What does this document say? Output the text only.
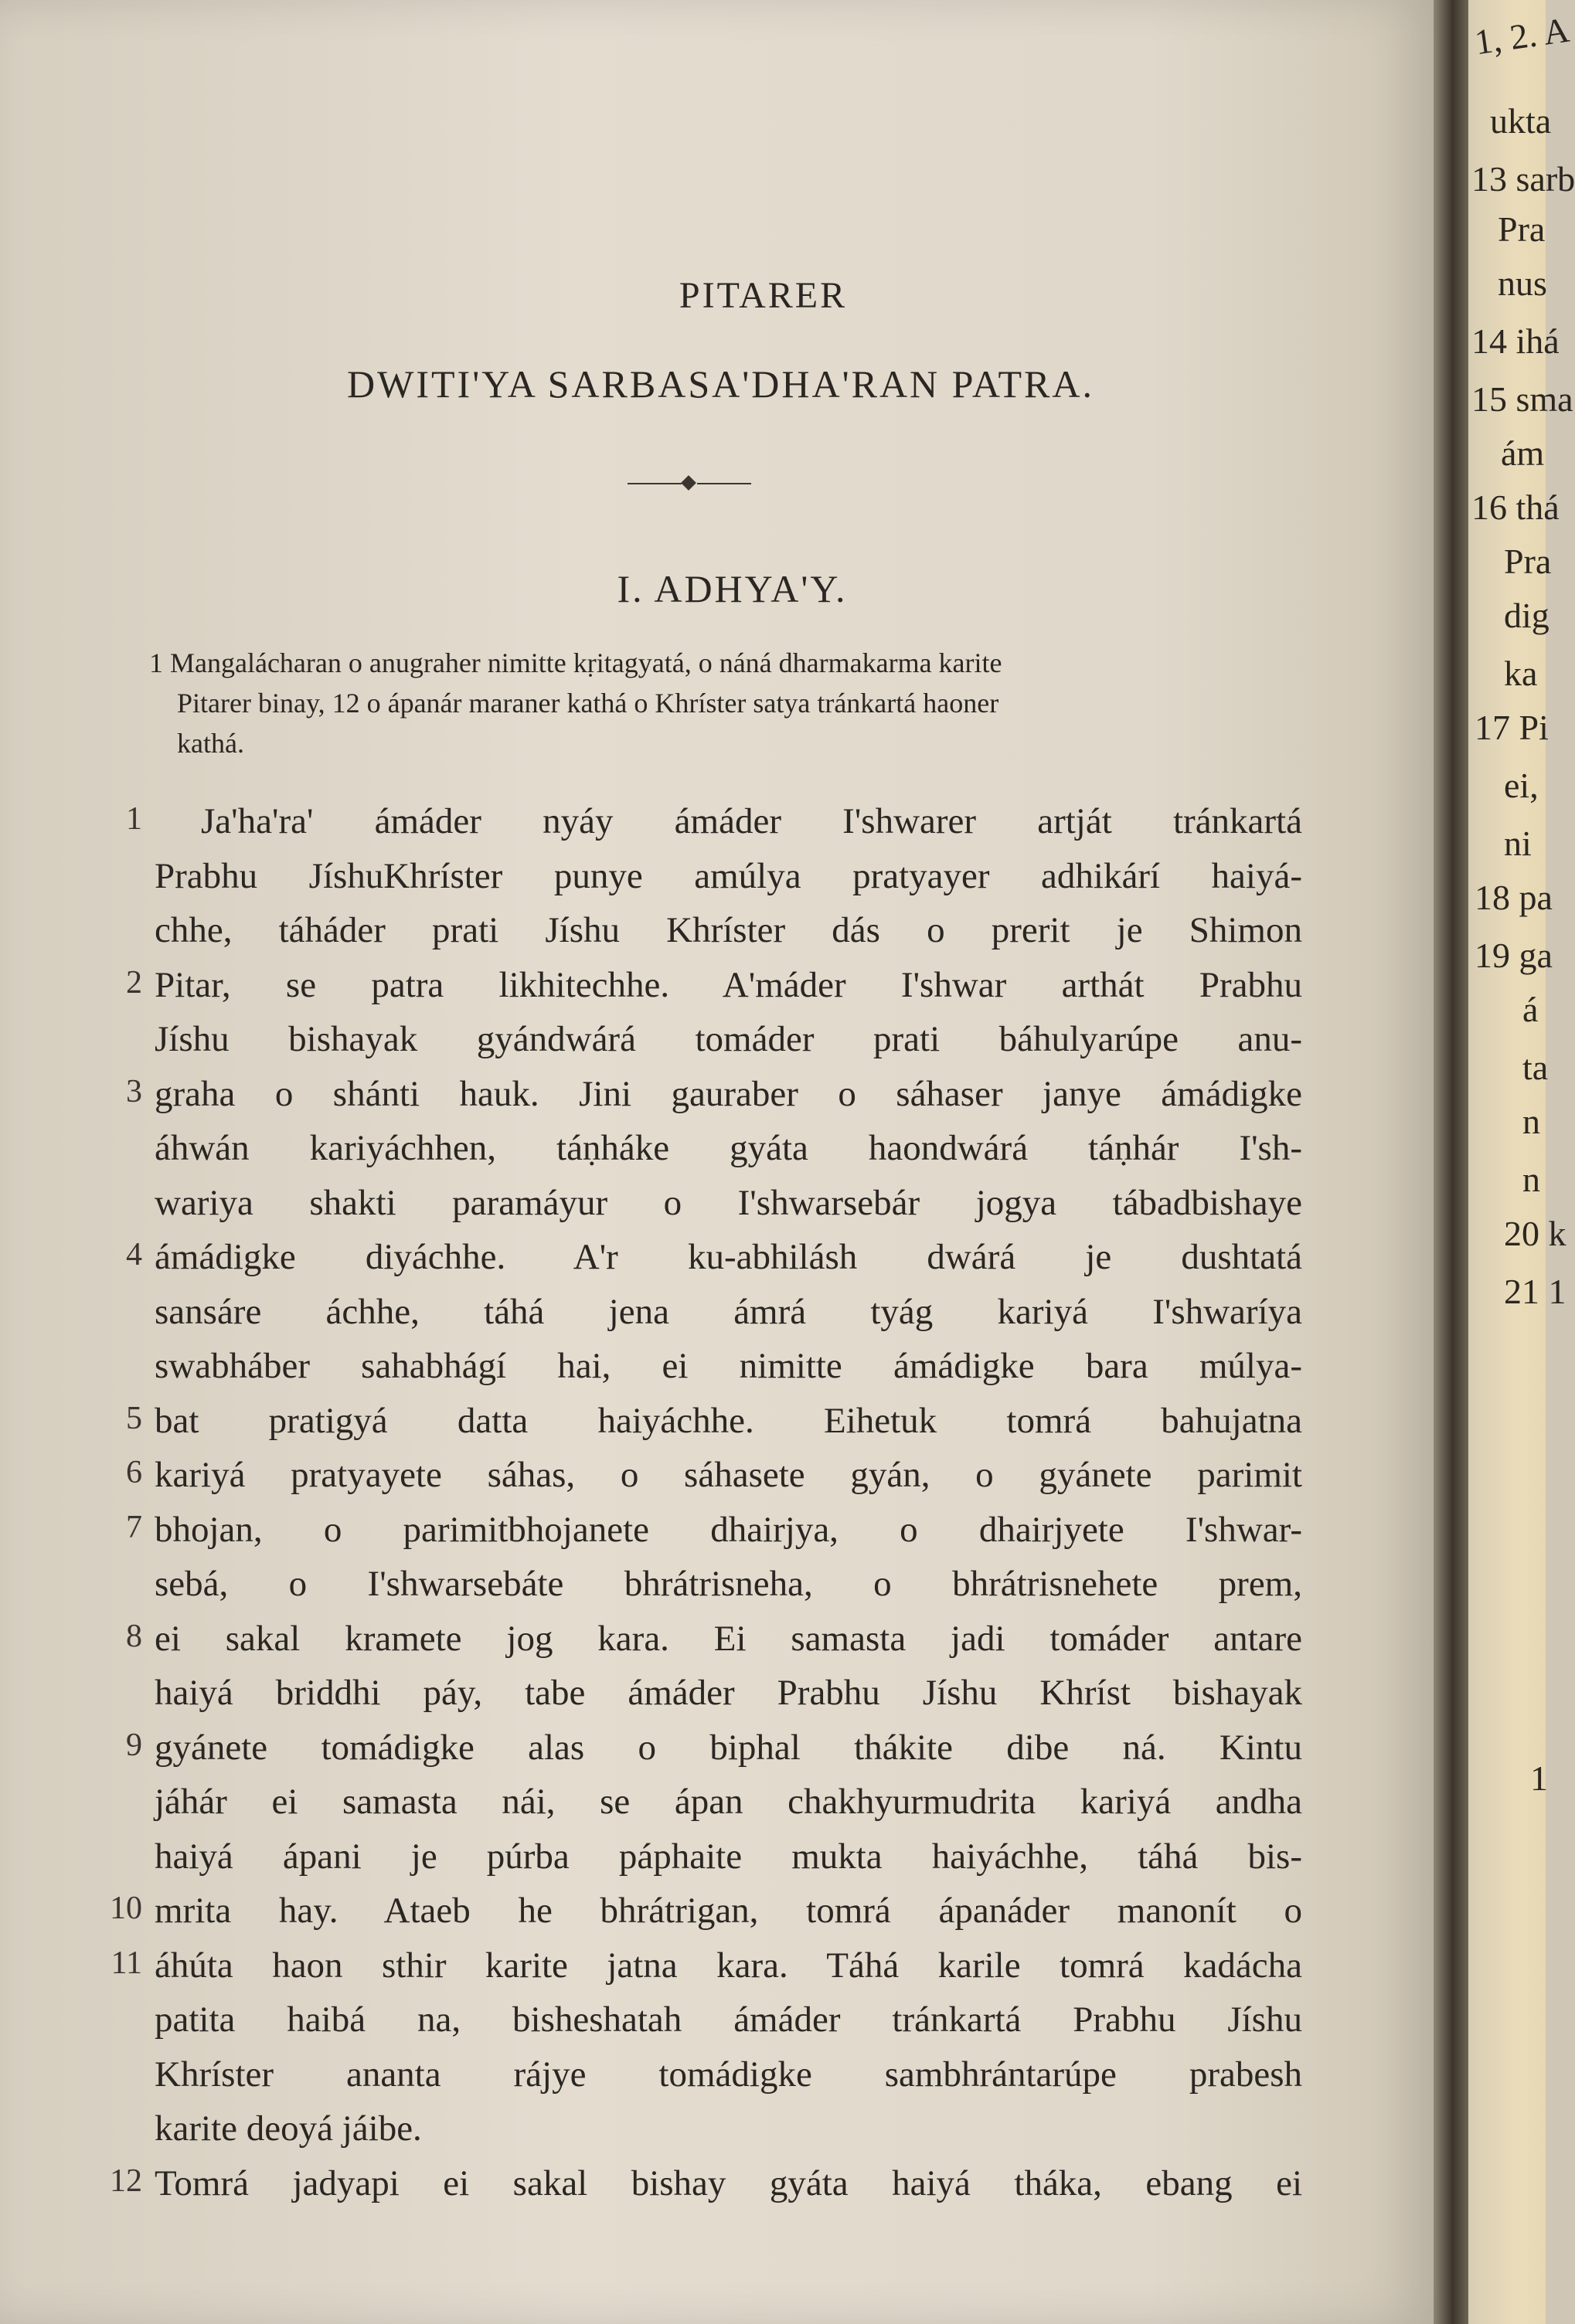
PITARER
DWITI'YA SARBASA'DHA'RAN PATRA.
I. ADHYA'Y.
1 Mangalácharan o anugraher nimitte kṛitagyatá, o náná dharmakarma karite
Pitarer binay, 12 o ápanár maraner kathá o Khríster satya tránkartá haoner
kathá.
1 Ja'ha'ra' ámáder nyáy ámáder I'shwarer artját tránkartá
Prabhu JíshuKhríster punye amúlya pratyayer adhikárí haiyá-
chhe, táháder prati Jíshu Khríster dás o prerit je Shimon
2 Pitar, se patra likhitechhe. A'máder I'shwar arthát Prabhu
Jíshu bishayak gyándwárá tomáder prati báhulyarúpe anu-
3 graha o shánti hauk. Jini gauraber o sáhaser janye ámádigke
áhwán kariyáchhen, táṇháke gyáta haondwárá táṇhár I'sh-
wariya shakti paramáyur o I'shwarsebár jogya tábadbishaye
4 ámádigke diyáchhe. A'r ku-abhilásh dwárá je dushtatá
sansáre áchhe, táhá jena ámrá tyág kariyá I'shwaríya
swabháber sahabhágí hai, ei nimitte ámádigke bara múlya-
5 bat pratigyá datta haiyáchhe. Eihetuk tomrá bahujatna
6 kariyá pratyayete sáhas, o sáhasete gyán, o gyánete parimit
7 bhojan, o parimitbhojanete dhairjya, o dhairjyete I'shwar-
sebá, o I'shwarsebáte bhrátrisneha, o bhrátrisnehete prem,
8 ei sakal kramete jog kara. Ei samasta jadi tomáder antare
haiyá briddhi páy, tabe ámáder Prabhu Jíshu Khríst bishayak
9 gyánete tomádigke alas o biphal thákite dibe ná. Kintu
jáhár ei samasta nái, se ápan chakhyurmudrita kariyá andha
haiyá ápani je púrba páphaite mukta haiyáchhe, táhá bis-
10 mrita hay. Ataeb he bhrátrigan, tomrá ápanáder manonít o
11 áhúta haon sthir karite jatna kara. Táhá karile tomrá kadácha
patita haibá na, bisheshatah ámáder tránkartá Prabhu Jíshu
Khríster ananta rájye tomádigke sambhrántarúpe prabesh
karite deoyá jáibe.
12 Tomrá jadyapi ei sakal bishay gyáta haiyá tháka, ebang ei
1, 2. A
ukta
13 sarb
Pra
nus
14 ihá
15 sma
ám
16 thá
Pra
dig
ka
17 Pi
ei,
ni
18 pa
19 ga
á
ta
n
n
20 k
21 1
1
